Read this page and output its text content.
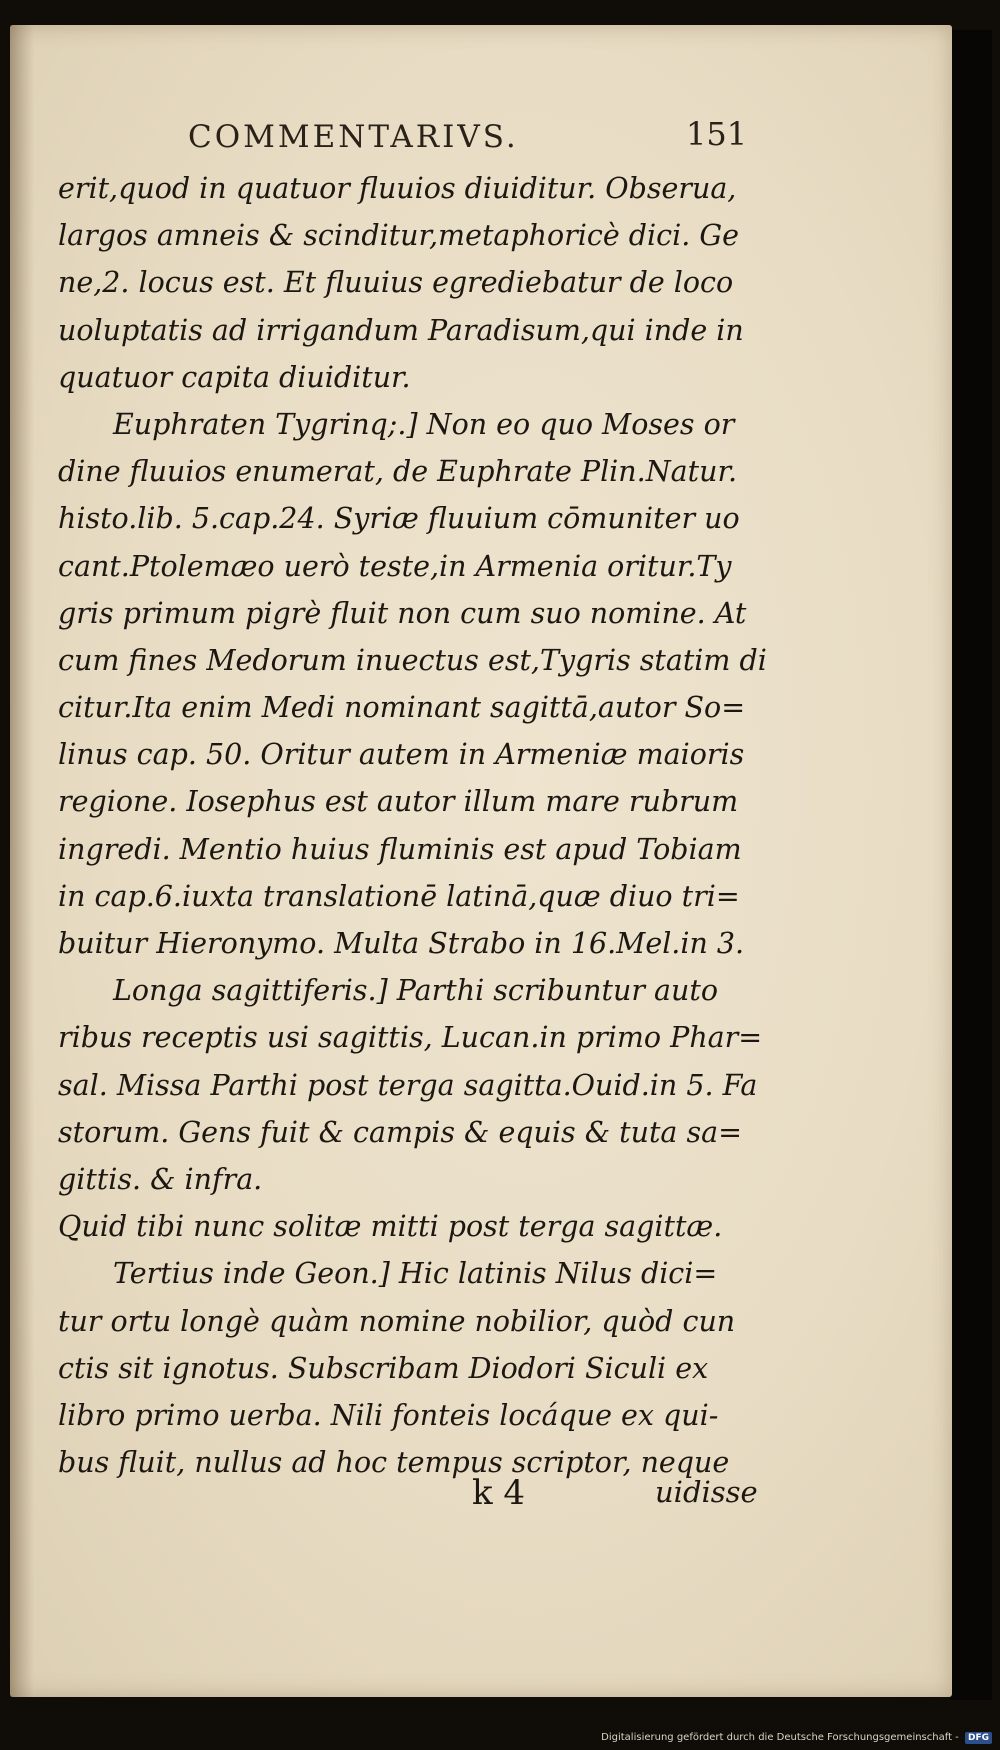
COMMENTARIVS.	151
erit,quod in quatuor fluuios diuiditur. Obserua,
largos amneis & scinditur,metaphoricè dici. Ge
ne,2. locus est. Et fluuius egrediebatur de loco
uoluptatis ad irrigandum Paradisum,qui inde in
quatuor capita diuiditur.
Euphraten Tygrinq;.] Non eo quo Moses or
dine fluuios enumerat, de Euphrate Plin.Natur.
histo.lib. 5.cap.24. Syriæ fluuium cōmuniter uo
cant.Ptolemæo uerò teste,in Armenia oritur.Ty
gris primum pigrè fluit non cum suo nomine. At
cum fines Medorum inuectus est,Tygris statim di
citur.Ita enim Medi nominant sagittā,autor So=
linus cap. 50. Oritur autem in Armeniæ maioris
regione. Iosephus est autor illum mare rubrum
ingredi. Mentio huius fluminis est apud Tobiam
in cap.6.iuxta translationē latinā,quæ diuo tri=
buitur Hieronymo. Multa Strabo in 16.Mel.in 3.
Longa sagittiferis.] Parthi scribuntur auto
ribus receptis usi sagittis, Lucan.in primo Phar=
sal. Missa Parthi post terga sagitta.Ouid.in 5. Fa
storum. Gens fuit & campis & equis & tuta sa=
gittis. & infra.
Quid tibi nunc solitæ mitti post terga sagittæ.
Tertius inde Geon.] Hic latinis Nilus dici=
tur ortu longè quàm nomine nobilior, quòd cun
ctis sit ignotus. Subscribam Diodori Siculi ex
libro primo uerba. Nili fonteis locáque ex qui-
bus fluit, nullus ad hoc tempus scriptor, neque
k 4	uidisse
Digitalisierung gefördert durch die Deutsche Forschungsgemeinschaft - DFG
